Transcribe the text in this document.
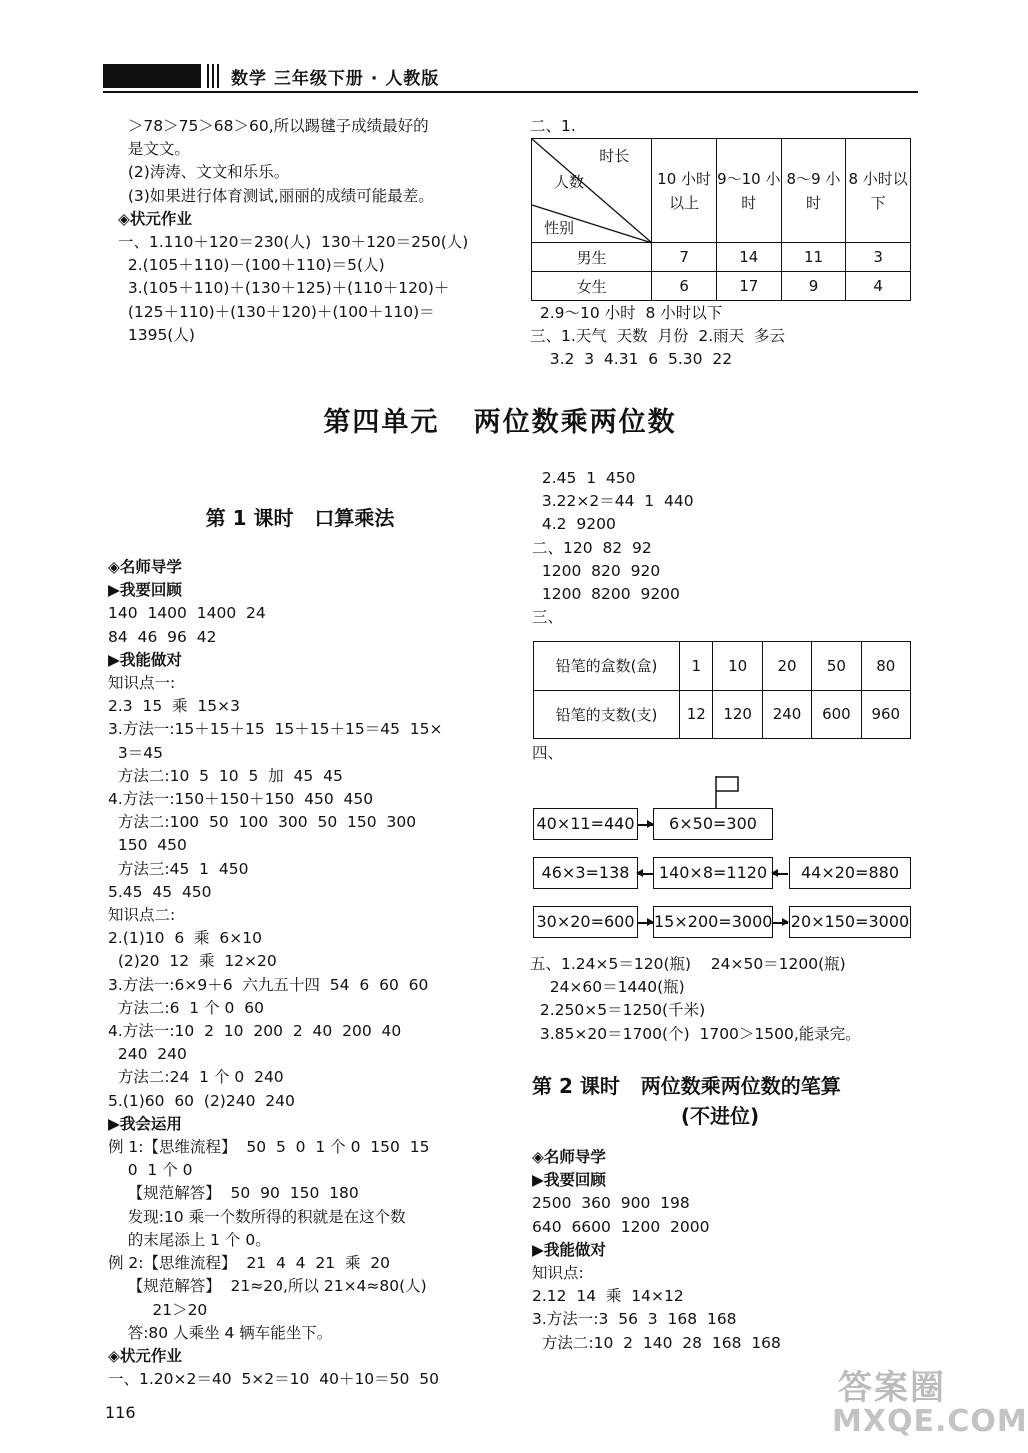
数学 三年级下册 · 人教版
＞78＞75＞68＞60,所以踢毽子成绩最好的
是文文。
(2)涛涛、文文和乐乐。
(3)如果进行体育测试,丽丽的成绩可能最差。
◈状元作业
一、1.110＋120＝230(人)  130＋120＝250(人)
2.(105＋110)－(100＋110)＝5(人)
3.(105＋110)＋(130＋125)＋(110＋120)＋
(125＋110)＋(130＋120)＋(100＋110)＝
1395(人)
二、1.
时长
人数
性别	10 小时以上	9～10 小时	8～9 小时	8 小时以下
男生	7	14	11	3
女生	6	17	9	4
2.9～10 小时  8 小时以下
三、1.天气  天数  月份  2.雨天  多云
3.2  3  4.31  6  5.30  22
第四单元   两位数乘两位数
第 1 课时   口算乘法
◈名师导学
▶我要回顾
140  1400  1400  24
84  46  96  42
▶我能做对
知识点一:
2.3  15  乘  15×3
3.方法一:15＋15＋15  15＋15＋15＝45  15×
3＝45
方法二:10  5  10  5  加  45  45
4.方法一:150＋150＋150  450  450
方法二:100  50  100  300  50  150  300
150  450
方法三:45  1  450
5.45  45  450
知识点二:
2.(1)10  6  乘  6×10
(2)20  12  乘  12×20
3.方法一:6×9＋6  六九五十四  54  6  60  60
方法二:6  1 个 0  60
4.方法一:10  2  10  200  2  40  200  40
240  240
方法二:24  1 个 0  240
5.(1)60  60  (2)240  240
▶我会运用
例 1:【思维流程】  50  5  0  1 个 0  150  15
0  1 个 0
【规范解答】  50  90  150  180
发现:10 乘一个数所得的积就是在这个数
的末尾添上 1 个 0。
例 2:【思维流程】  21  4  4  21  乘  20
【规范解答】  21≈20,所以 21×4≈80(人)
21＞20
答:80 人乘坐 4 辆车能坐下。
◈状元作业
一、1.20×2＝40  5×2＝10  40＋10＝50  50
2.45  1  450
3.22×2＝44  1  440
4.2  9200
二、120  82  92
1200  820  920
1200  8200  9200
三、
铅笔的盒数(盒)	1	10	20	50	80
铅笔的支数(支)	12	120	240	600	960
四、
40×11=440	6×50=300
46×3=138	140×8=1120	44×20=880
30×20=600 15×200=3000 20×150=3000
五、1.24×5＝120(瓶)    24×50＝1200(瓶)
24×60＝1440(瓶)
2.250×5＝1250(千米)
3.85×20＝1700(个)  1700＞1500,能录完。
第 2 课时   两位数乘两位数的笔算
(不进位)
◈名师导学
▶我要回顾
2500  360  900  198
640  6600  1200  2000
▶我能做对
知识点:
2.12  14  乘  14×12
3.方法一:3  56  3  168  168
方法二:10  2  140  28  168  168
116
答案圈
MXQE.COM
